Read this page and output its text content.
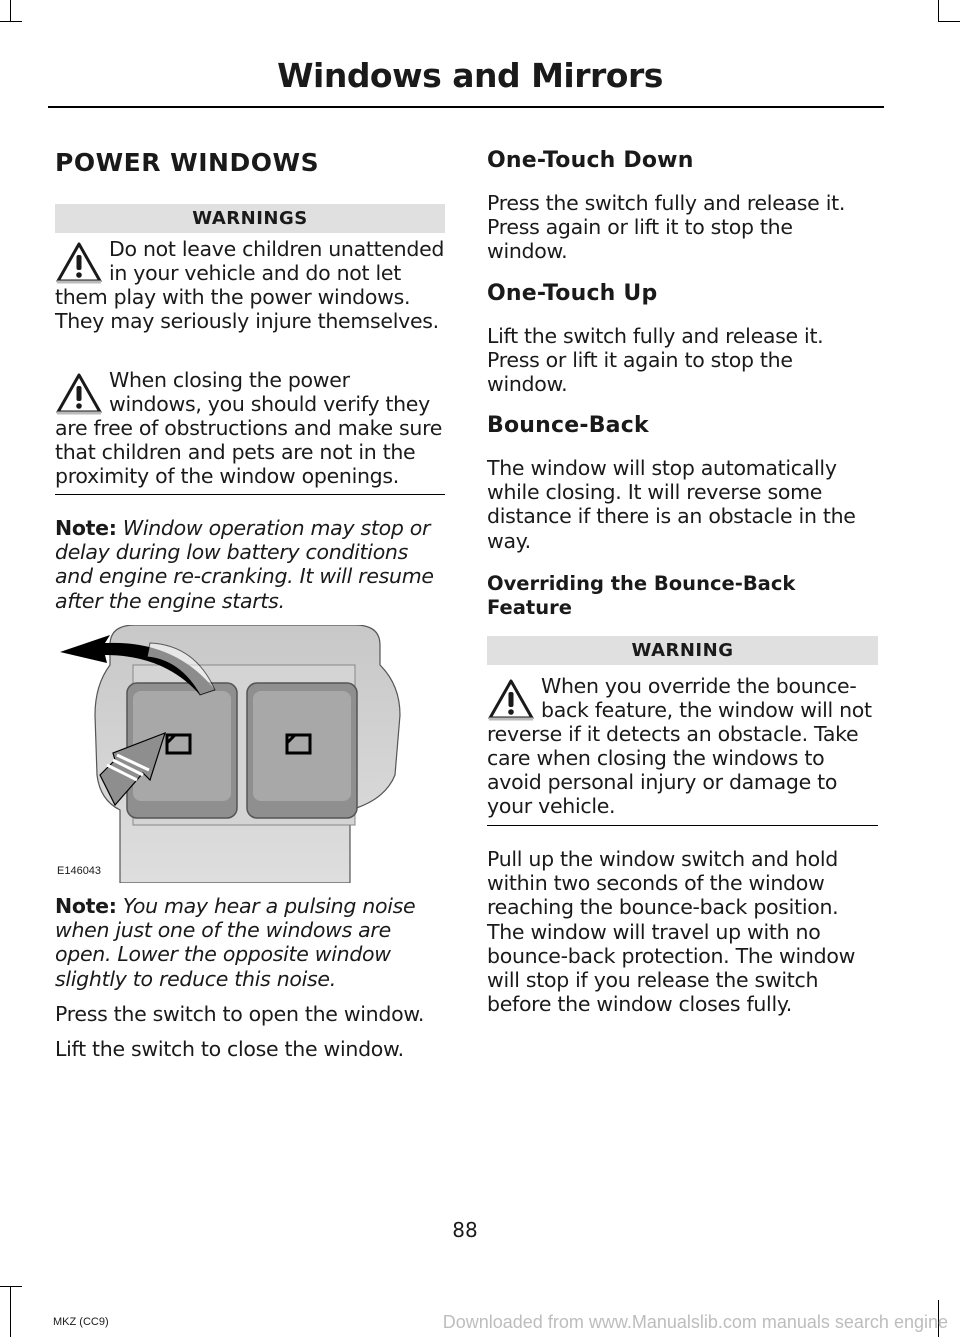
Windows and Mirrors
POWER WINDOWS
WARNINGS
Do not leave children unattended in your vehicle and do not let them play with the power windows. They may seriously injure themselves.
When closing the power windows, you should verify they are free of obstructions and make sure that children and pets are not in the proximity of the window openings.
Note: Window operation may stop or delay during low battery conditions and engine re-cranking. It will resume after the engine starts.
E146043
Note: You may hear a pulsing noise when just one of the windows are open. Lower the opposite window slightly to reduce this noise.
Press the switch to open the window.
Lift the switch to close the window.
One-Touch Down
Press the switch fully and release it. Press again or lift it to stop the window.
One-Touch Up
Lift the switch fully and release it. Press or lift it again to stop the window.
Bounce-Back
The window will stop automatically while closing. It will reverse some distance if there is an obstacle in the way.
Overriding the Bounce-Back Feature
WARNING
When you override the bounce-back feature, the window will not reverse if it detects an obstacle. Take care when closing the windows to avoid personal injury or damage to your vehicle.
Pull up the window switch and hold within two seconds of the window reaching the bounce-back position. The window will travel up with no bounce-back protection. The window will stop if you release the switch before the window closes fully.
88
MKZ (CC9)	Downloaded from www.Manualslib.com manuals search engine
